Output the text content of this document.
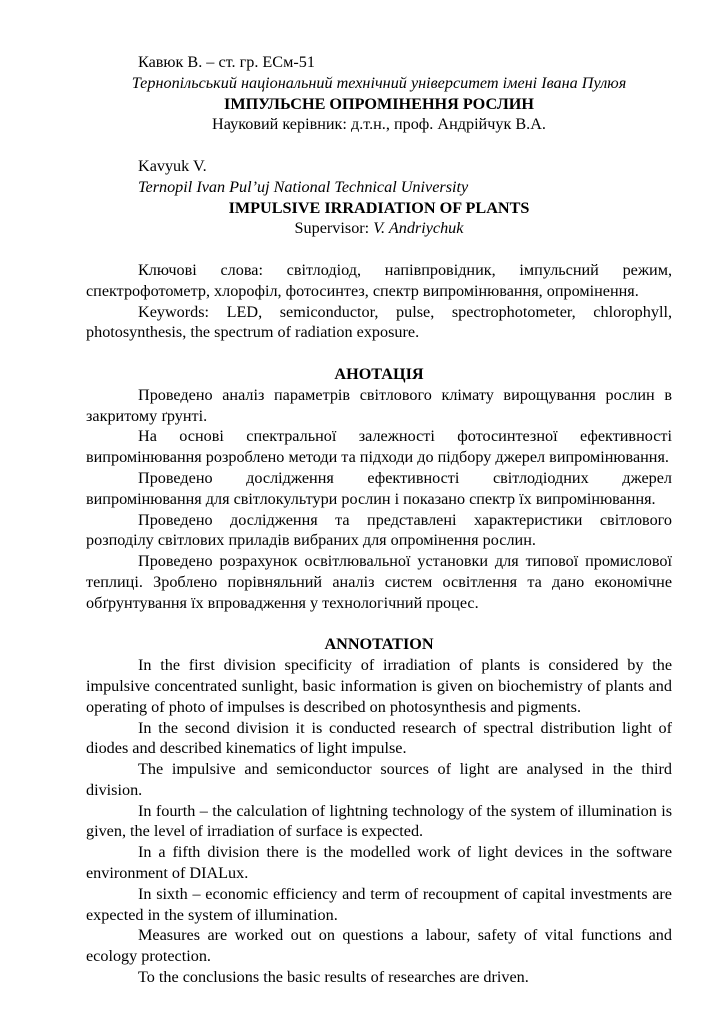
Кавюк В. – ст. гр. ЕСм-51

Тернопільський національний технічний університет імені Івана Пулюя

ІМПУЛЬСНЕ ОПРОМІНЕННЯ РОСЛИН

Науковий керівник: д.т.н., проф. Андрійчук В.А.

Kavyuk V.

Ternopil Ivan Pul’uj National Technical University

IMPULSIVE IRRADIATION OF PLANTS

Supervisor: V. Andriychuk

Ключові слова: світлодіод, напівпровідник, імпульсний режим, спектрофотометр, хлорофіл, фотосинтез, спектр випромінювання, опромінення.

Keywords: LED, semiconductor, pulse, spectrophotometer, chlorophyll, photosynthesis, the spectrum of radiation exposure.

АНОТАЦІЯ

Проведено аналіз параметрів світлового клімату вирощування рослин в закритому ґрунті.

На основі спектральної залежності фотосинтезної ефективності випромінювання розроблено методи та підходи до підбору джерел випромінювання.

Проведено дослідження ефективності світлодіодних джерел випромінювання для світлокультури рослин і показано спектр їх випромінювання.

Проведено дослідження та представлені характеристики світлового розподілу світлових приладів вибраних для опромінення рослин.

Проведено розрахунок освітлювальної установки для типової промислової теплиці. Зроблено порівняльний аналіз систем освітлення та дано економічне обґрунтування їх впровадження у технологічний процес.

ANNOTATION

In the first division specificity of irradiation of plants is considered by the impulsive concentrated sunlight, basic information is given on biochemistry of plants and operating of photo of impulses is described on photosynthesis and pigments.

In the second division it is conducted research of spectral distribution light of diodes and described kinematics of light impulse.

The impulsive and semiconductor sources of light are analysed in the third division.

In fourth – the calculation of lightning technology of the system of illumination is given, the level of irradiation of surface is expected.

In a fifth division there is the modelled work of light devices in the software environment of DIALux.

In sixth – economic efficiency and term of recoupment of capital investments are expected in the system of illumination.

Measures are worked out on questions a labour, safety of vital functions and ecology protection.

To the conclusions the basic results of researches are driven.
